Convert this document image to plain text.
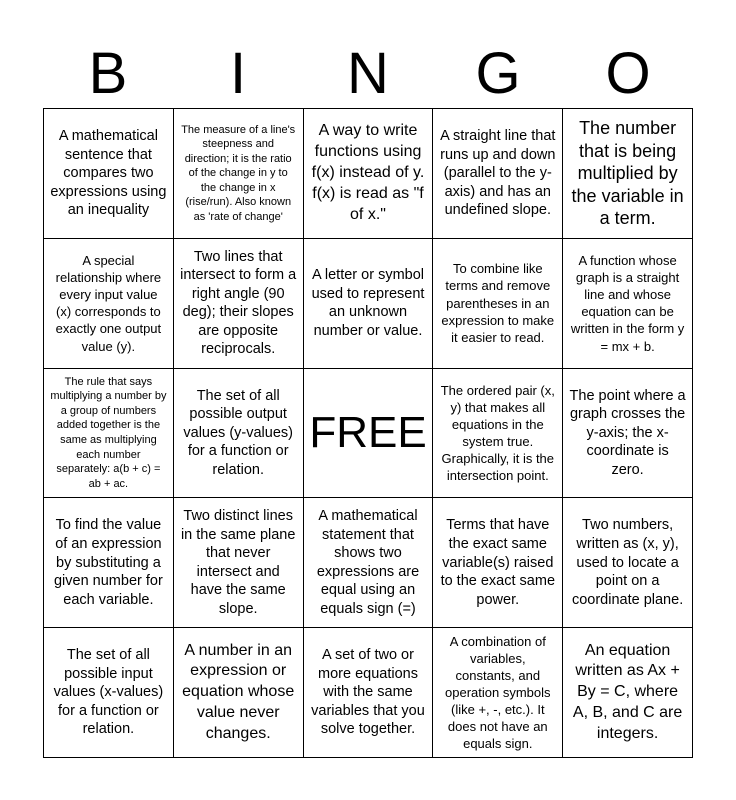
B	I	N	G	O
A mathematical sentence that compares two expressions using an inequality
The measure of a line's steepness and direction; it is the ratio of the change in y to the change in x (rise/run). Also known as 'rate of change'
A way to write functions using f(x) instead of y. f(x) is read as "f of x."
A straight line that runs up and down (parallel to the y-axis) and has an undefined slope.
The number that is being multiplied by the variable in a term.
A special relationship where every input value (x) corresponds to exactly one output value (y).
Two lines that intersect to form a right angle (90 deg); their slopes are opposite reciprocals.
A letter or symbol used to represent an unknown number or value.
To combine like terms and remove parentheses in an expression to make it easier to read.
A function whose graph is a straight line and whose equation can be written in the form y = mx + b.
The rule that says multiplying a number by a group of numbers added together is the same as multiplying each number separately: a(b + c) = ab + ac.
The set of all possible output values (y-values) for a function or relation.
FREE
The ordered pair (x, y) that makes all equations in the system true. Graphically, it is the intersection point.
The point where a graph crosses the y-axis; the x-coordinate is zero.
To find the value of an expression by substituting a given number for each variable.
Two distinct lines in the same plane that never intersect and have the same slope.
A mathematical statement that shows two expressions are equal using an equals sign (=)
Terms that have the exact same variable(s) raised to the exact same power.
Two numbers, written as (x, y), used to locate a point on a coordinate plane.
The set of all possible input values (x-values) for a function or relation.
A number in an expression or equation whose value never changes.
A set of two or more equations with the same variables that you solve together.
A combination of variables, constants, and operation symbols (like +, -, etc.). It does not have an equals sign.
An equation written as Ax + By = C, where A, B, and C are integers.
